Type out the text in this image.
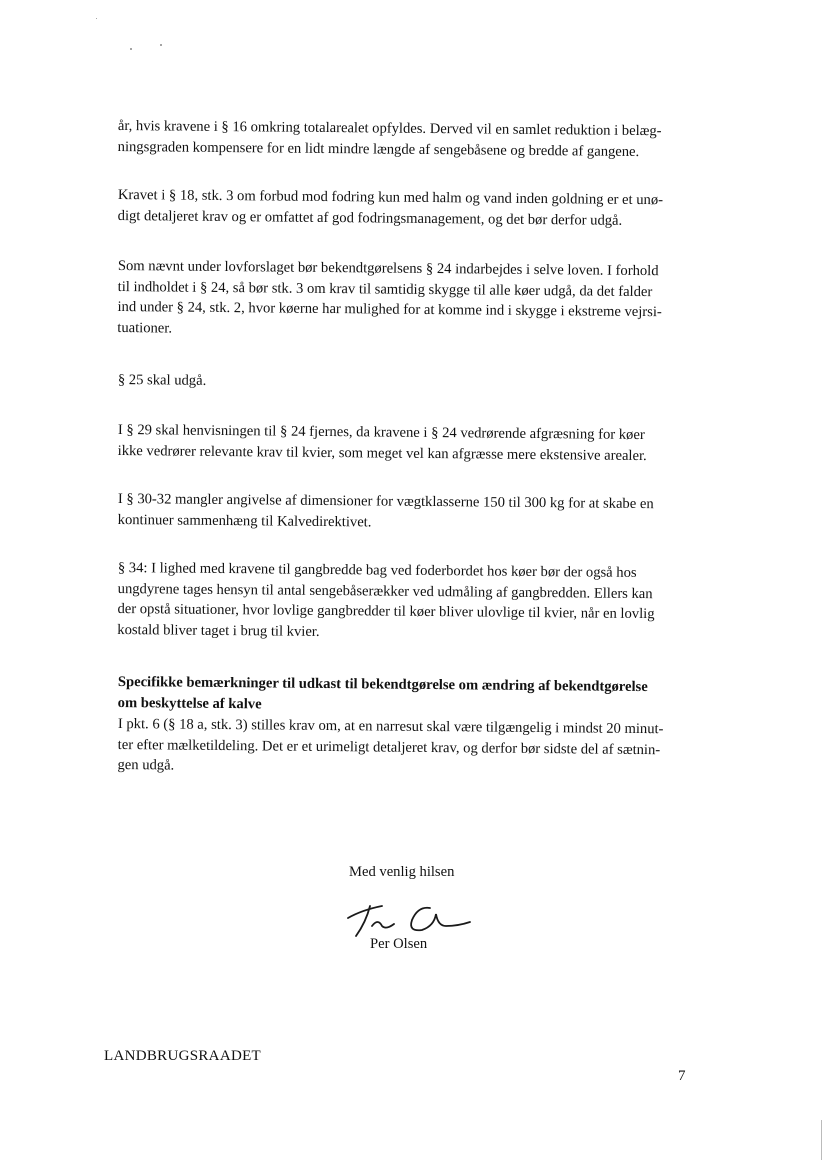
år, hvis kravene i § 16 omkring totalarealet opfyldes. Derved vil en samlet reduktion i belæg-
ningsgraden kompensere for en lidt mindre længde af sengebåsene og bredde af gangene.
Kravet i § 18, stk. 3 om forbud mod fodring kun med halm og vand inden goldning er et unø-
digt detaljeret krav og er omfattet af god fodringsmanagement, og det bør derfor udgå.
Som nævnt under lovforslaget bør bekendtgørelsens § 24 indarbejdes i selve loven. I forhold
til indholdet i § 24, så bør stk. 3 om krav til samtidig skygge til alle køer udgå, da det falder
ind under § 24, stk. 2, hvor køerne har mulighed for at komme ind i skygge i ekstreme vejrsi-
tuationer.
§ 25 skal udgå.
I § 29 skal henvisningen til § 24 fjernes, da kravene i § 24 vedrørende afgræsning for køer
ikke vedrører relevante krav til kvier, som meget vel kan afgræsse mere ekstensive arealer.
I § 30-32 mangler angivelse af dimensioner for vægtklasserne 150 til 300 kg for at skabe en
kontinuer sammenhæng til Kalvedirektivet.
§ 34: I lighed med kravene til gangbredde bag ved foderbordet hos køer bør der også hos
ungdyrene tages hensyn til antal sengebåserækker ved udmåling af gangbredden. Ellers kan
der opstå situationer, hvor lovlige gangbredder til køer bliver ulovlige til kvier, når en lovlig
kostald bliver taget i brug til kvier.
Specifikke bemærkninger til udkast til bekendtgørelse om ændring af bekendtgørelse
om beskyttelse af kalve
I pkt. 6 (§ 18 a, stk. 3) stilles krav om, at en narresut skal være tilgængelig i mindst 20 minut-
ter efter mælketildeling. Det er et urimeligt detaljeret krav, og derfor bør sidste del af sætnin-
gen udgå.
Med venlig hilsen
Per Olsen
LANDBRUGSRAADET
7
